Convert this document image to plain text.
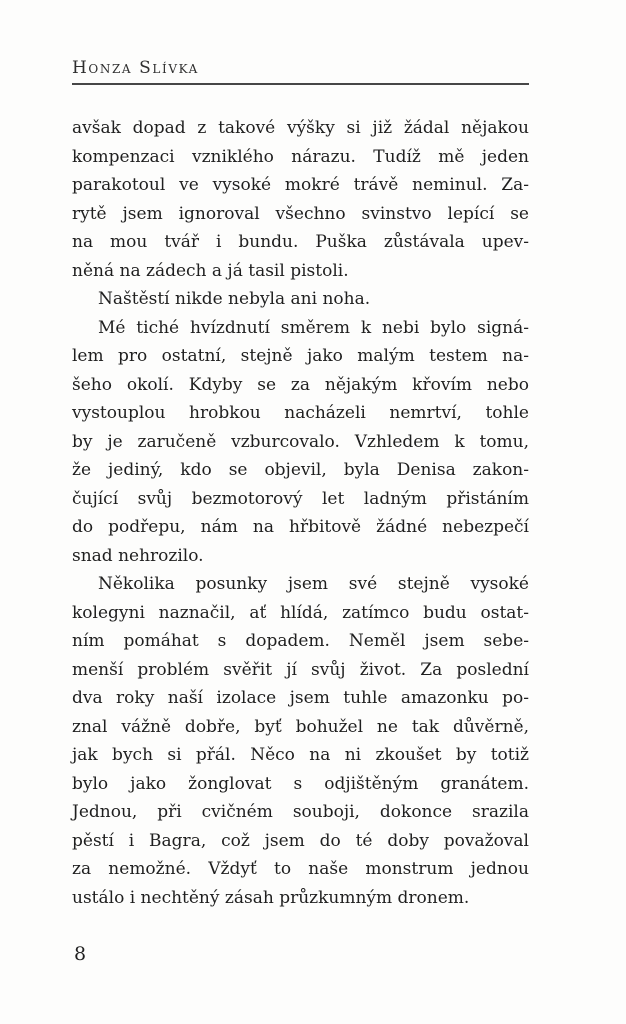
Honza Slívka
avšak dopad z takové výšky si již žádal nějakou
kompenzaci vzniklého nárazu. Tudíž mě jeden
parakotoul ve vysoké mokré trávě neminul. Za-
rytě jsem ignoroval všechno svinstvo lepící se
na mou tvář i bundu. Puška zůstávala upev-
něná na zádech a já tasil pistoli.
Naštěstí nikde nebyla ani noha.
Mé tiché hvízdnutí směrem k nebi bylo signá-
lem pro ostatní, stejně jako malým testem na-
šeho okolí. Kdyby se za nějakým křovím nebo
vystouplou hrobkou nacházeli nemrtví, tohle
by je zaručeně vzburcovalo. Vzhledem k tomu,
že jediný, kdo se objevil, byla Denisa zakon-
čující svůj bezmotorový let ladným přistáním
do podřepu, nám na hřbitově žádné nebezpečí
snad nehrozilo.
Několika posunky jsem své stejně vysoké
kolegyni naznačil, ať hlídá, zatímco budu ostat-
ním pomáhat s dopadem. Neměl jsem sebe-
menší problém svěřit jí svůj život. Za poslední
dva roky naší izolace jsem tuhle amazonku po-
znal vážně dobře, byť bohužel ne tak důvěrně,
jak bych si přál. Něco na ni zkoušet by totiž
bylo jako žonglovat s odjištěným granátem.
Jednou, při cvičném souboji, dokonce srazila
pěstí i Bagra, což jsem do té doby považoval
za nemožné. Vždyť to naše monstrum jednou
ustálo i nechtěný zásah průzkumným dronem.
8
